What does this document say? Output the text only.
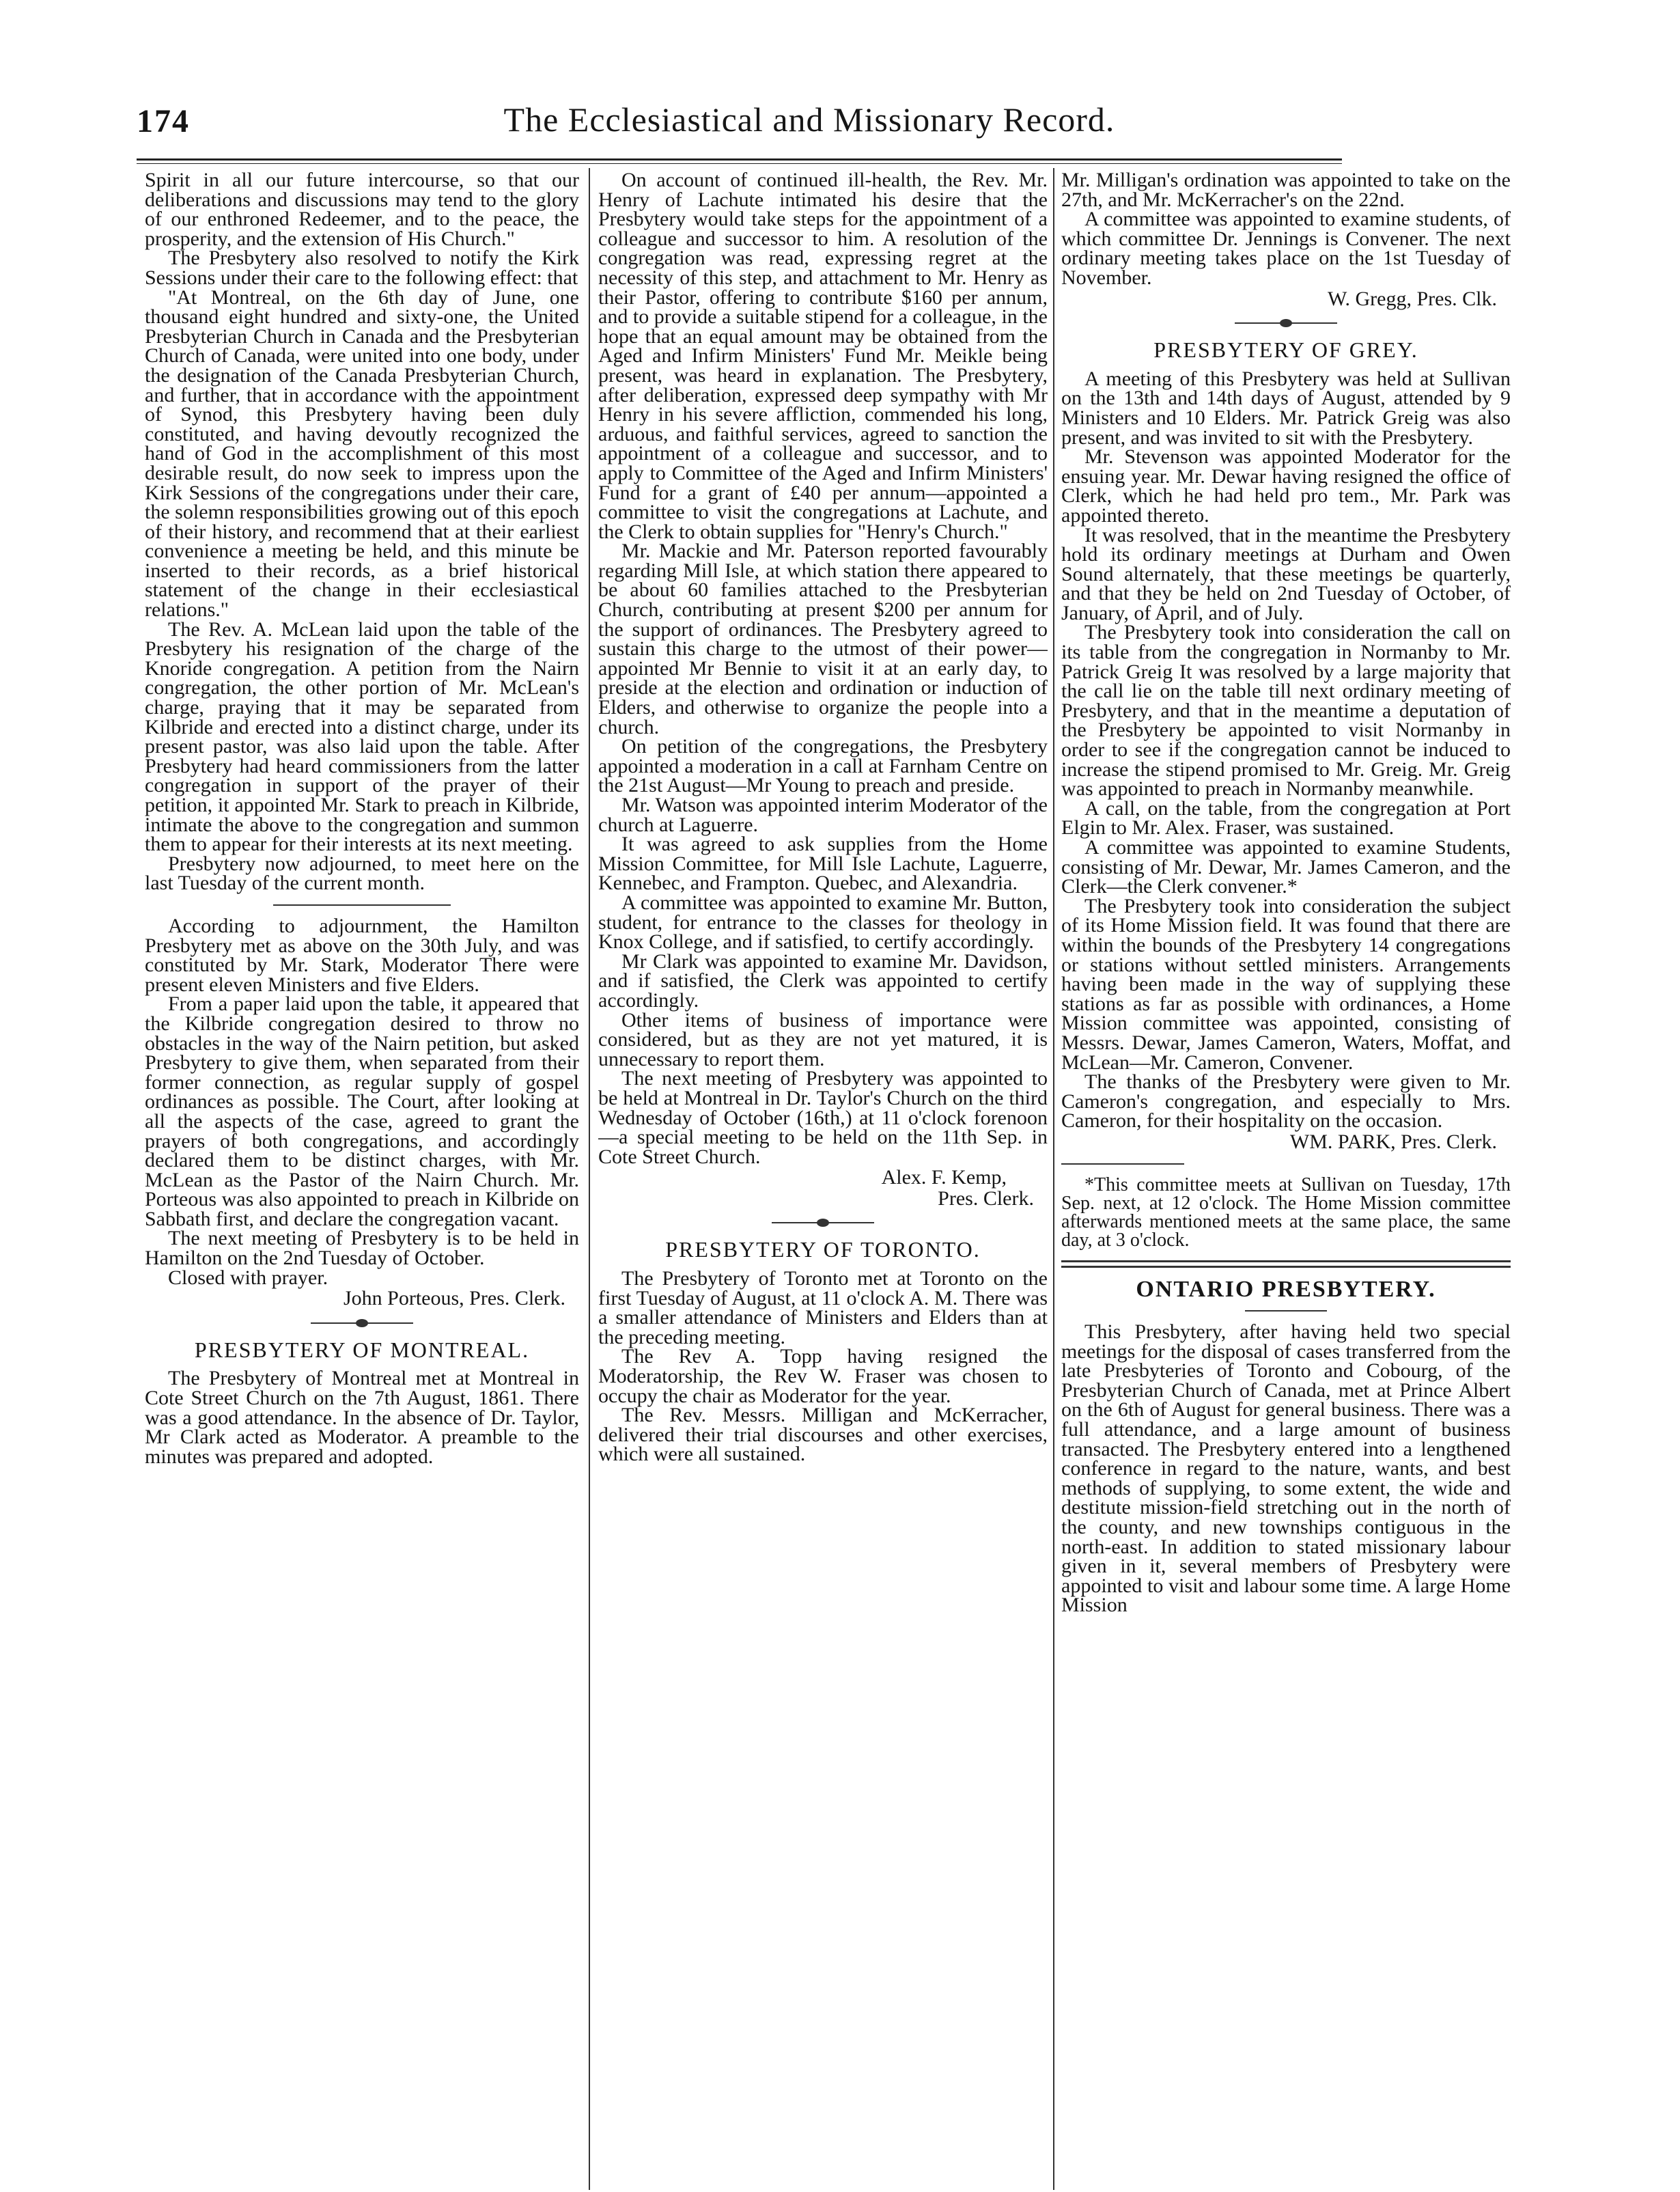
174	The Ecclesiastical and Missionary Record.

Spirit in all our future intercourse, so that our deliberations and discussions may tend to the glory of our enthroned Redeemer, and to the peace, the prosperity, and the extension of His Church."

The Presbytery also resolved to notify the Kirk Sessions under their care to the following effect: that

"At Montreal, on the 6th day of June, one thousand eight hundred and sixty-one, the United Presbyterian Church in Canada and the Presbyterian Church of Canada, were united into one body, under the designation of the Canada Presbyterian Church, and further, that in accordance with the appointment of Synod, this Presbytery having been duly constituted, and having devoutly recognized the hand of God in the accomplishment of this most desirable result, do now seek to impress upon the Kirk Sessions of the congregations under their care, the solemn responsibilities growing out of this epoch of their history, and recommend that at their earliest convenience a meeting be held, and this minute be inserted to their records, as a brief historical statement of the change in their ecclesiastical relations."

The Rev. A. McLean laid upon the table of the Presbytery his resignation of the charge of the Knoride congregation. A petition from the Nairn congregation, the other portion of Mr. McLean's charge, praying that it may be separated from Kilbride and erected into a distinct charge, under its present pastor, was also laid upon the table. After Presbytery had heard commissioners from the latter congregation in support of the prayer of their petition, it appointed Mr. Stark to preach in Kilbride, intimate the above to the congregation and summon them to appear for their interests at its next meeting.

Presbytery now adjourned, to meet here on the last Tuesday of the current month.

According to adjournment, the Hamilton Presbytery met as above on the 30th July, and was constituted by Mr. Stark, Moderator There were present eleven Ministers and five Elders.

From a paper laid upon the table, it appeared that the Kilbride congregation desired to throw no obstacles in the way of the Nairn petition, but asked Presbytery to give them, when separated from their former connection, as regular supply of gospel ordinances as possible. The Court, after looking at all the aspects of the case, agreed to grant the prayers of both congregations, and accordingly declared them to be distinct charges, with Mr. McLean as the Pastor of the Nairn Church. Mr. Porteous was also appointed to preach in Kilbride on Sabbath first, and declare the congregation vacant.

The next meeting of Presbytery is to be held in Hamilton on the 2nd Tuesday of October.

Closed with prayer.

John Porteous, Pres. Clerk.
PRESBYTERY OF MONTREAL.

The Presbytery of Montreal met at Montreal in Cote Street Church on the 7th August, 1861. There was a good attendance. In the absence of Dr. Taylor, Mr Clark acted as Moderator. A preamble to the minutes was prepared and adopted.

On account of continued ill-health, the Rev. Mr. Henry of Lachute intimated his desire that the Presbytery would take steps for the appointment of a colleague and successor to him. A resolution of the congregation was read, expressing regret at the necessity of this step, and attachment to Mr. Henry as their Pastor, offering to contribute $160 per annum, and to provide a suitable stipend for a colleague, in the hope that an equal amount may be obtained from the Aged and Infirm Ministers' Fund Mr. Meikle being present, was heard in explanation. The Presbytery, after deliberation, expressed deep sympathy with Mr Henry in his severe affliction, commended his long, arduous, and faithful services, agreed to sanction the appointment of a colleague and successor, and to apply to Committee of the Aged and Infirm Ministers' Fund for a grant of £40 per annum—appointed a committee to visit the congregations at Lachute, and the Clerk to obtain supplies for "Henry's Church."

Mr. Mackie and Mr. Paterson reported favourably regarding Mill Isle, at which station there appeared to be about 60 families attached to the Presbyterian Church, contributing at present $200 per annum for the support of ordinances. The Presbytery agreed to sustain this charge to the utmost of their power—appointed Mr Bennie to visit it at an early day, to preside at the election and ordination or induction of Elders, and otherwise to organize the people into a church.

On petition of the congregations, the Presbytery appointed a moderation in a call at Farnham Centre on the 21st August—Mr Young to preach and preside.

Mr. Watson was appointed interim Moderator of the church at Laguerre.

It was agreed to ask supplies from the Home Mission Committee, for Mill Isle Lachute, Laguerre, Kennebec, and Frampton. Quebec, and Alexandria.

A committee was appointed to examine Mr. Button, student, for entrance to the classes for theology in Knox College, and if satisfied, to certify accordingly.

Mr Clark was appointed to examine Mr. Davidson, and if satisfied, the Clerk was appointed to certify accordingly.

Other items of business of importance were considered, but as they are not yet matured, it is unnecessary to report them.

The next meeting of Presbytery was appointed to be held at Montreal in Dr. Taylor's Church on the third Wednesday of October (16th,) at 11 o'clock forenoon—a special meeting to be held on the 11th Sep. in Cote Street Church.

Alex. F. Kemp,
Pres. Clerk.
PRESBYTERY OF TORONTO.

The Presbytery of Toronto met at Toronto on the first Tuesday of August, at 11 o'clock A. M. There was a smaller attendance of Ministers and Elders than at the preceding meeting.

The Rev A. Topp having resigned the Moderatorship, the Rev W. Fraser was chosen to occupy the chair as Moderator for the year.

The Rev. Messrs. Milligan and McKerracher, delivered their trial discourses and other exercises, which were all sustained.

Mr. Milligan's ordination was appointed to take on the 27th, and Mr. McKerracher's on the 22nd.

A committee was appointed to examine students, of which committee Dr. Jennings is Convener. The next ordinary meeting takes place on the 1st Tuesday of November.

W. Gregg, Pres. Clk.
PRESBYTERY OF GREY.

A meeting of this Presbytery was held at Sullivan on the 13th and 14th days of August, attended by 9 Ministers and 10 Elders. Mr. Patrick Greig was also present, and was invited to sit with the Presbytery.

Mr. Stevenson was appointed Moderator for the ensuing year. Mr. Dewar having resigned the office of Clerk, which he had held pro tem., Mr. Park was appointed thereto.

It was resolved, that in the meantime the Presbytery hold its ordinary meetings at Durham and Owen Sound alternately, that these meetings be quarterly, and that they be held on 2nd Tuesday of October, of January, of April, and of July.

The Presbytery took into consideration the call on its table from the congregation in Normanby to Mr. Patrick Greig It was resolved by a large majority that the call lie on the table till next ordinary meeting of Presbytery, and that in the meantime a deputation of the Presbytery be appointed to visit Normanby in order to see if the congregation cannot be induced to increase the stipend promised to Mr. Greig. Mr. Greig was appointed to preach in Normanby meanwhile.

A call, on the table, from the congregation at Port Elgin to Mr. Alex. Fraser, was sustained.

A committee was appointed to examine Students, consisting of Mr. Dewar, Mr. James Cameron, and the Clerk—the Clerk convener.*

The Presbytery took into consideration the subject of its Home Mission field. It was found that there are within the bounds of the Presbytery 14 congregations or stations without settled ministers. Arrangements having been made in the way of supplying these stations as far as possible with ordinances, a Home Mission committee was appointed, consisting of Messrs. Dewar, James Cameron, Waters, Moffat, and McLean—Mr. Cameron, Convener.

The thanks of the Presbytery were given to Mr. Cameron's congregation, and especially to Mrs. Cameron, for their hospitality on the occasion.

WM. PARK, Pres. Clerk.

*This committee meets at Sullivan on Tuesday, 17th Sep. next, at 12 o'clock. The Home Mission committee afterwards mentioned meets at the same place, the same day, at 3 o'clock.

ONTARIO PRESBYTERY.

This Presbytery, after having held two special meetings for the disposal of cases transferred from the late Presbyteries of Toronto and Cobourg, of the Presbyterian Church of Canada, met at Prince Albert on the 6th of August for general business. There was a full attendance, and a large amount of business transacted. The Presbytery entered into a lengthened conference in regard to the nature, wants, and best methods of supplying, to some extent, the wide and destitute mission-field stretching out in the north of the county, and new townships contiguous in the north-east. In addition to stated missionary labour given in it, several members of Presbytery were appointed to visit and labour some time. A large Home Mission
